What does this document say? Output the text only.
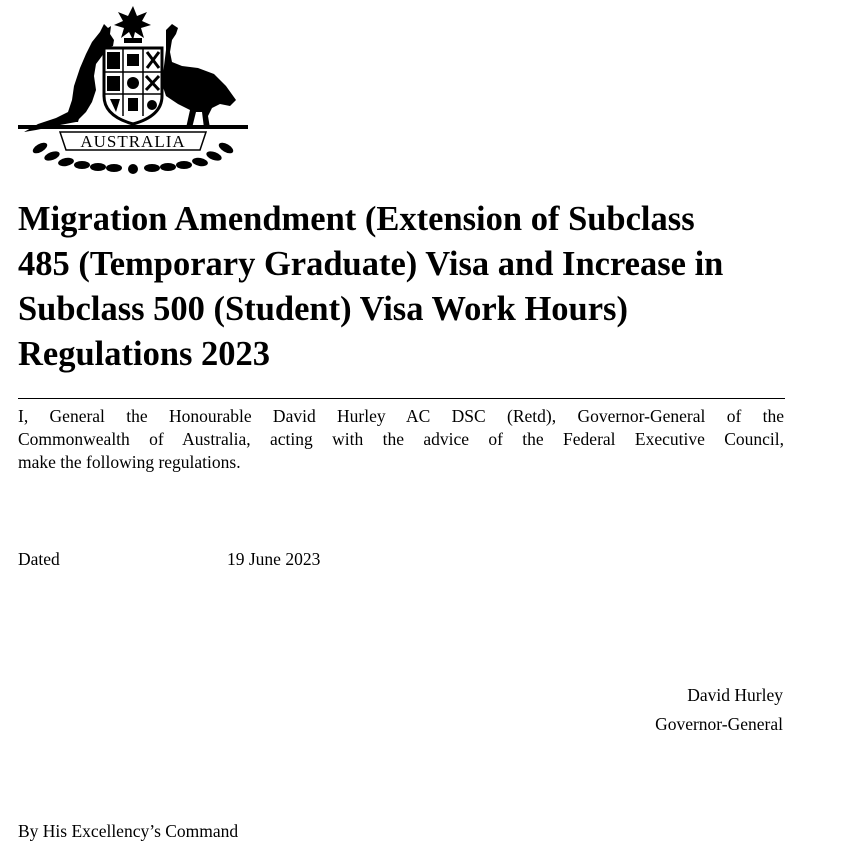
AUSTRALIA
Migration Amendment (Extension of Subclass
485 (Temporary Graduate) Visa and Increase in
Subclass 500 (Student) Visa Work Hours)
Regulations 2023

I, General the Honourable David Hurley AC DSC (Retd), Governor-General of the
Commonwealth of Australia, acting with the advice of the Federal Executive Council,
make the following regulations.

Dated	19 June 2023
David Hurley
Governor-General
By His Excellency’s Command
